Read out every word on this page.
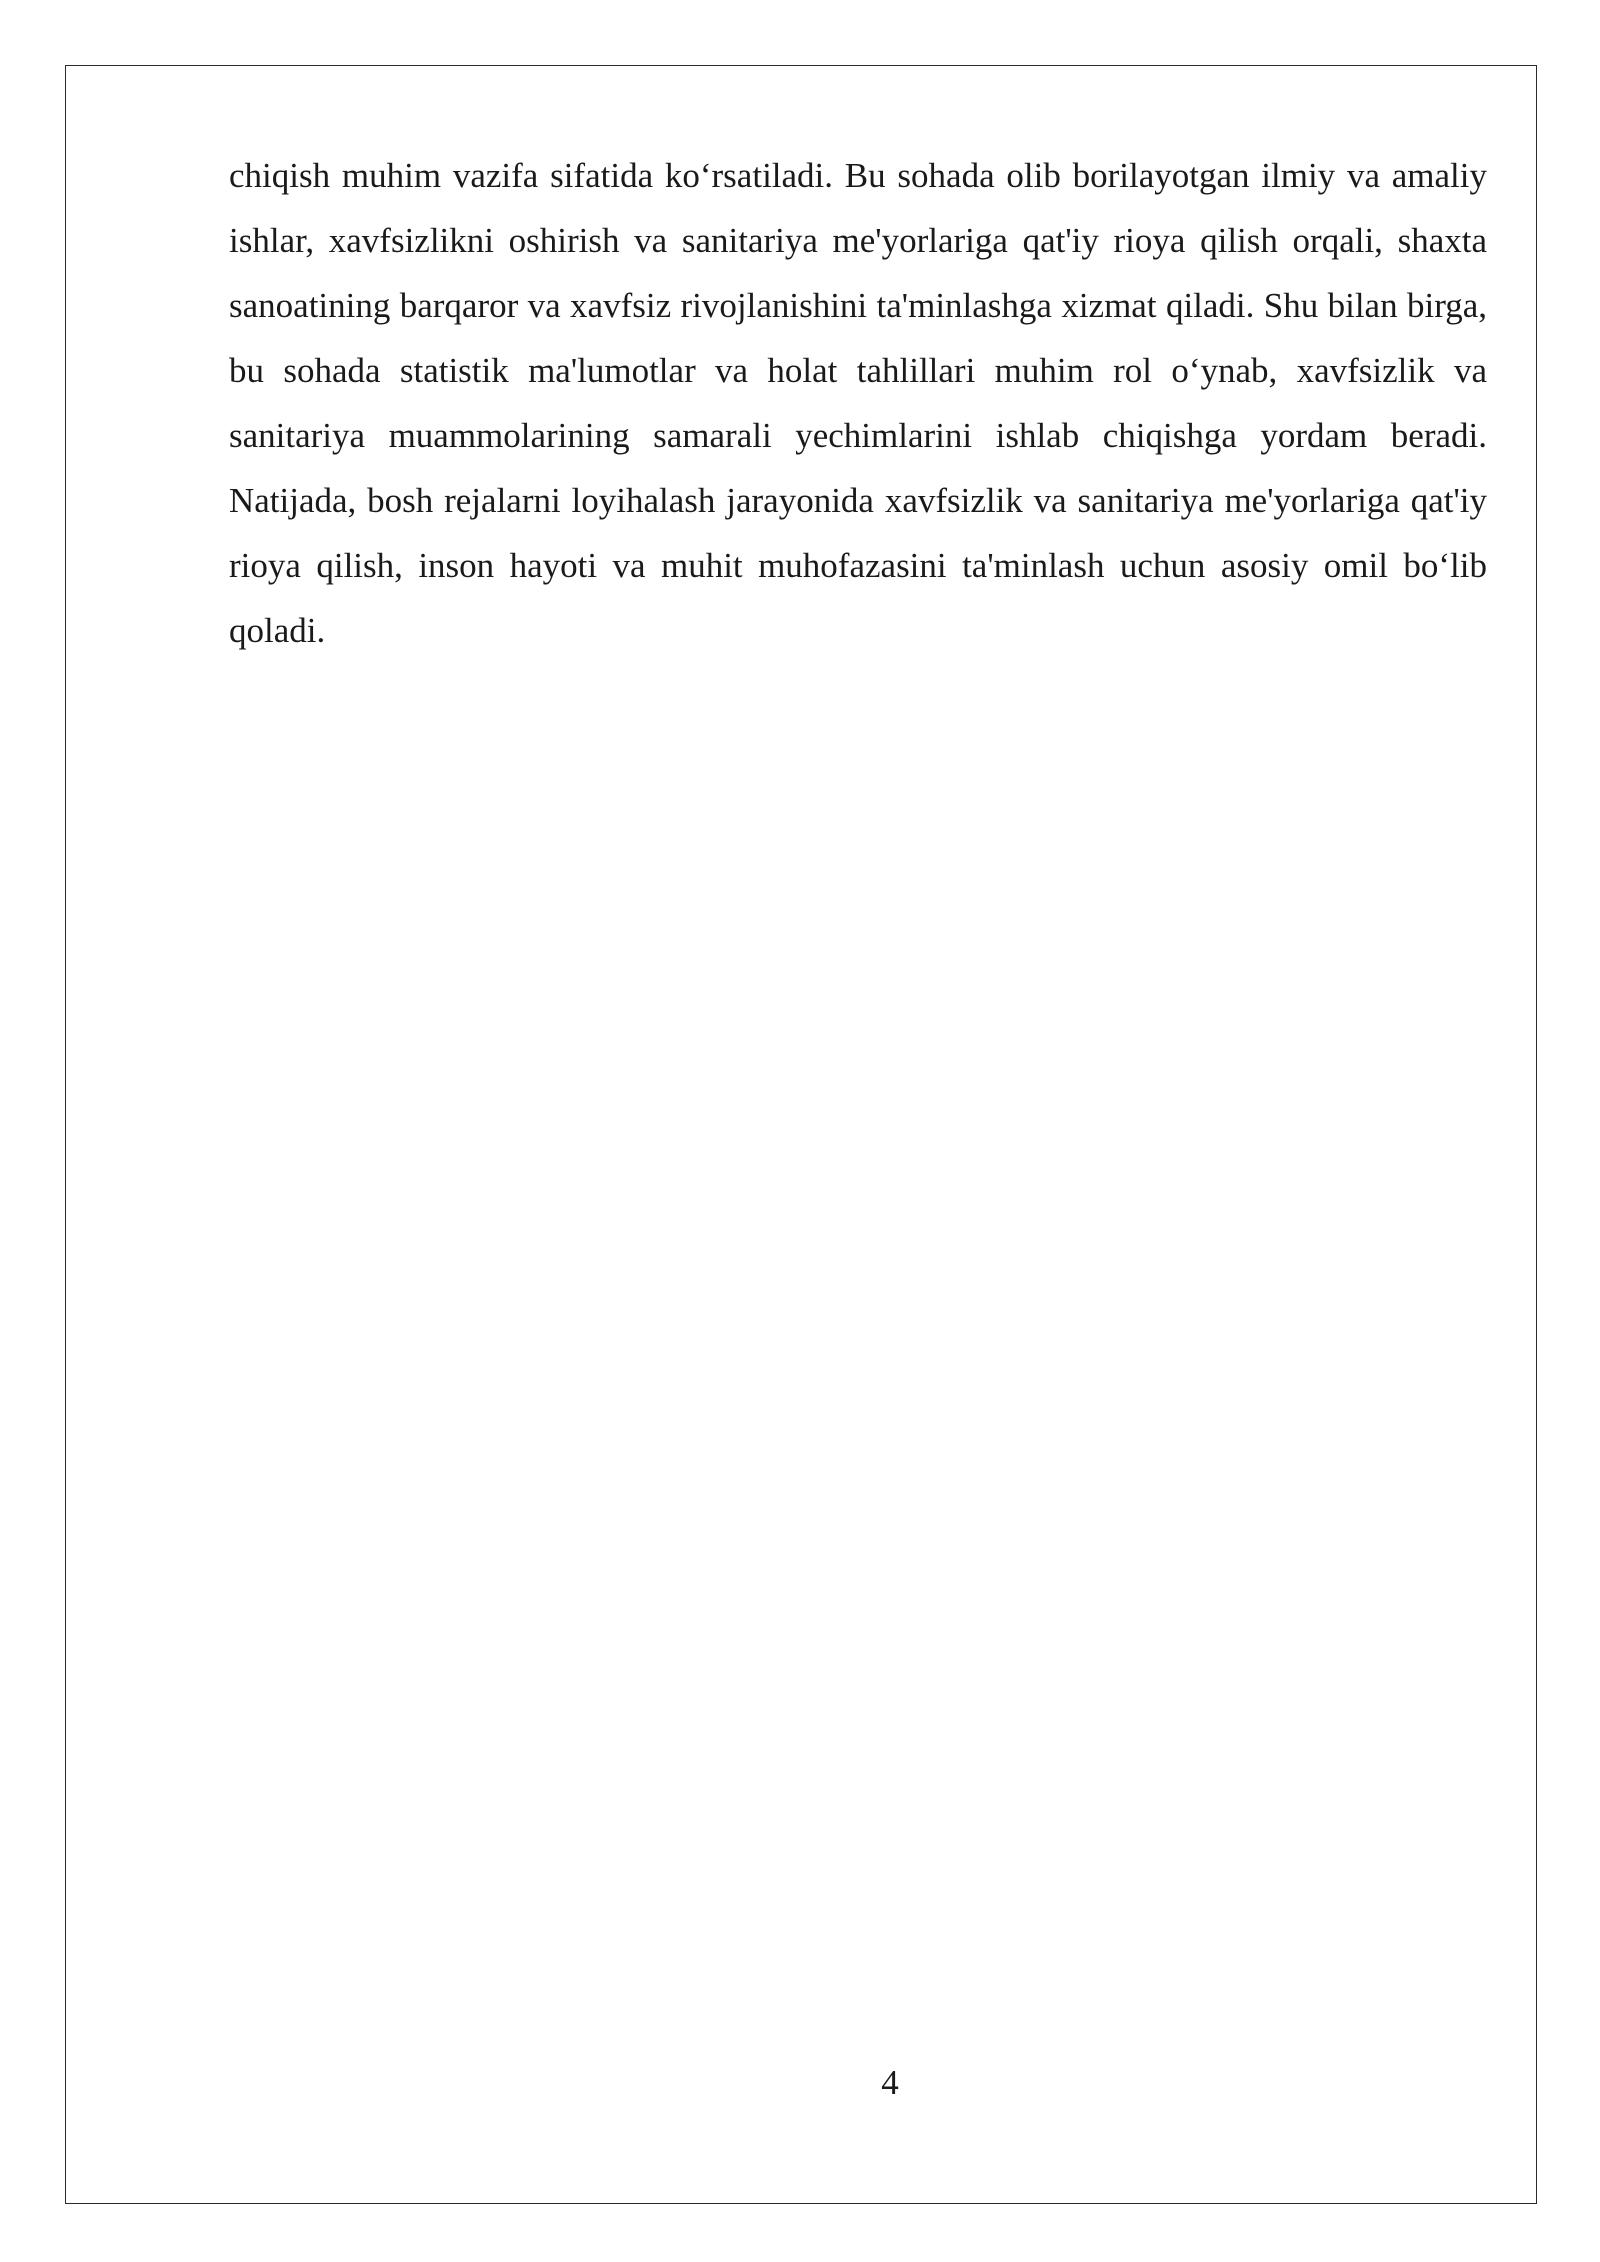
chiqish muhim vazifa sifatida ko‘rsatiladi. Bu sohada olib borilayotgan ilmiy va amaliy ishlar, xavfsizlikni oshirish va sanitariya me'yorlariga qat'iy rioya qilish orqali, shaxta sanoatining barqaror va xavfsiz rivojlanishini ta'minlashga xizmat qiladi. Shu bilan birga, bu sohada statistik ma'lumotlar va holat tahlillari muhim rol o‘ynab, xavfsizlik va sanitariya muammolarining samarali yechimlarini ishlab chiqishga yordam beradi. Natijada, bosh rejalarni loyihalash jarayonida xavfsizlik va sanitariya me'yorlariga qat'iy rioya qilish, inson hayoti va muhit muhofazasini ta'minlash uchun asosiy omil bo‘lib qoladi.

4
